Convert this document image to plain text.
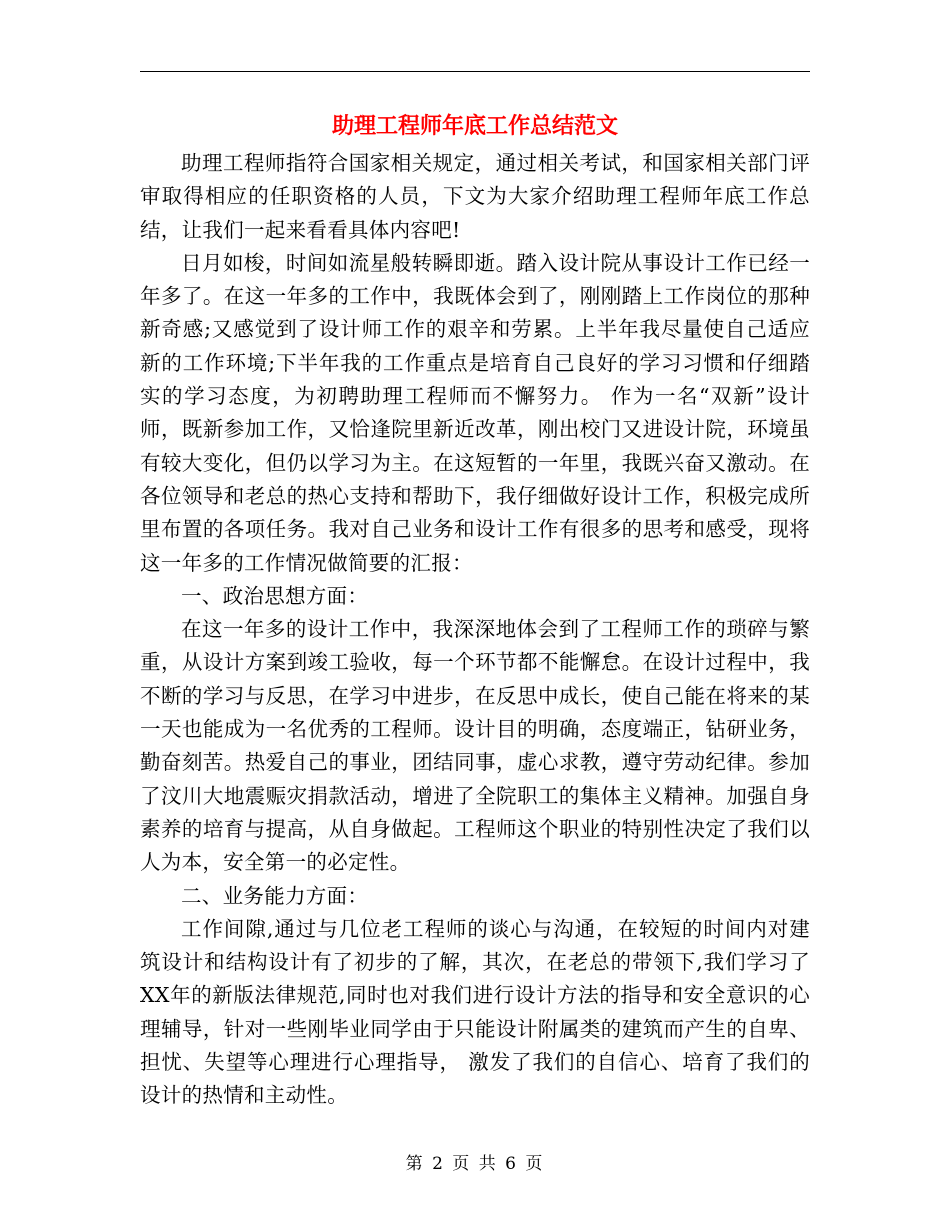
助理工程师年底工作总结范文

助理工程师指符合国家相关规定，通过相关考试，和国家相关部门评审取得相应的任职资格的人员，下文为大家介绍助理工程师年底工作总结，让我们一起来看看具体内容吧!

日月如梭，时间如流星般转瞬即逝。踏入设计院从事设计工作已经一年多了。在这一年多的工作中，我既体会到了，刚刚踏上工作岗位的那种新奇感;又感觉到了设计师工作的艰辛和劳累。上半年我尽量使自己适应新的工作环境;下半年我的工作重点是培育自己良好的学习习惯和仔细踏实的学习态度，为初聘助理工程师而不懈努力。 作为一名“双新”设计师，既新参加工作，又恰逢院里新近改革，刚出校门又进设计院，环境虽有较大变化，但仍以学习为主。在这短暂的一年里，我既兴奋又激动。在各位领导和老总的热心支持和帮助下，我仔细做好设计工作，积极完成所里布置的各项任务。我对自己业务和设计工作有很多的思考和感受，现将这一年多的工作情况做简要的汇报：

一、政治思想方面：

在这一年多的设计工作中，我深深地体会到了工程师工作的琐碎与繁重，从设计方案到竣工验收，每一个环节都不能懈怠。在设计过程中，我不断的学习与反思，在学习中进步，在反思中成长，使自己能在将来的某一天也能成为一名优秀的工程师。设计目的明确，态度端正，钻研业务，勤奋刻苦。热爱自己的事业，团结同事，虚心求教，遵守劳动纪律。参加了汶川大地震赈灾捐款活动，增进了全院职工的集体主义精神。加强自身素养的培育与提高，从自身做起。工程师这个职业的特别性决定了我们以人为本，安全第一的必定性。

二、业务能力方面：

工作间隙,通过与几位老工程师的谈心与沟通，在较短的时间内对建筑设计和结构设计有了初步的了解，其次，在老总的带领下,我们学习了XX年的新版法律规范,同时也对我们进行设计方法的指导和安全意识的心理辅导，针对一些刚毕业同学由于只能设计附属类的建筑而产生的自卑、担忧、失望等心理进行心理指导， 激发了我们的自信心、培育了我们的设计的热情和主动性。

第 2 页 共 6 页
